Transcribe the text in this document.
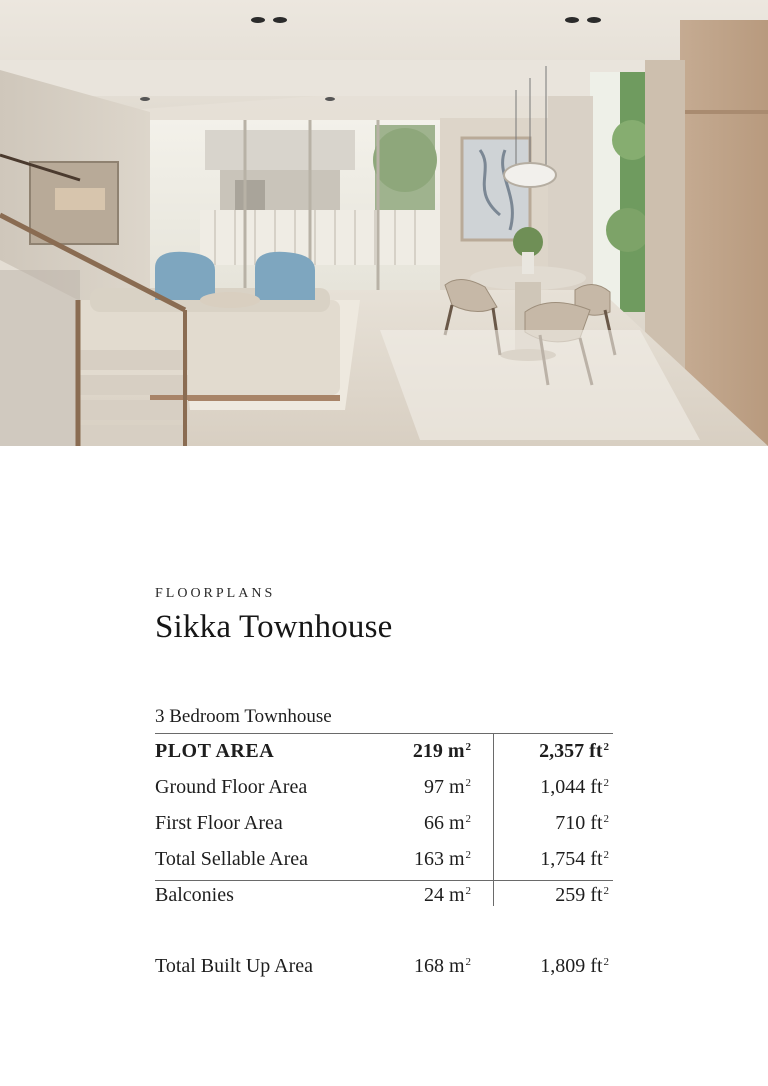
FLOORPLANS
Sikka Townhouse
3 Bedroom Townhouse
PLOT AREA	219 $m^2$	2,357 $ft^2$
Ground Floor Area	97 $m^2$	1,044 $ft^2$
First Floor Area	66 $m^2$	710 $ft^2$
Total Sellable Area	163 $m^2$	1,754 $ft^2$
Balconies	24 $m^2$	259 $ft^2$
Total Built Up Area	168 $m^2$	1,809 $ft^2$
